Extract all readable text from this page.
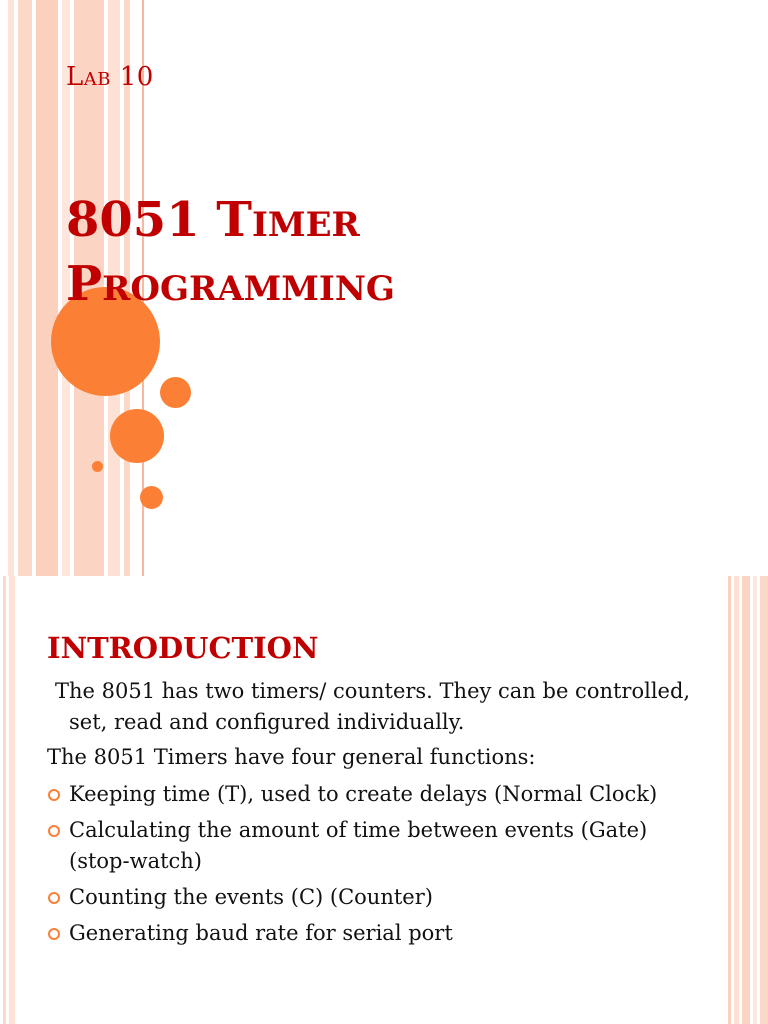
Lab 10
8051 Timer
Programming
INTRODUCTION

The 8051 has two timers/ counters. They can be controlled, set, read and configured individually.

The 8051 Timers have four general functions:

Keeping time (T), used to create delays (Normal Clock)
Calculating the amount of time between events (Gate) (stop-watch)
Counting the events (C) (Counter)
Generating baud rate for serial port
